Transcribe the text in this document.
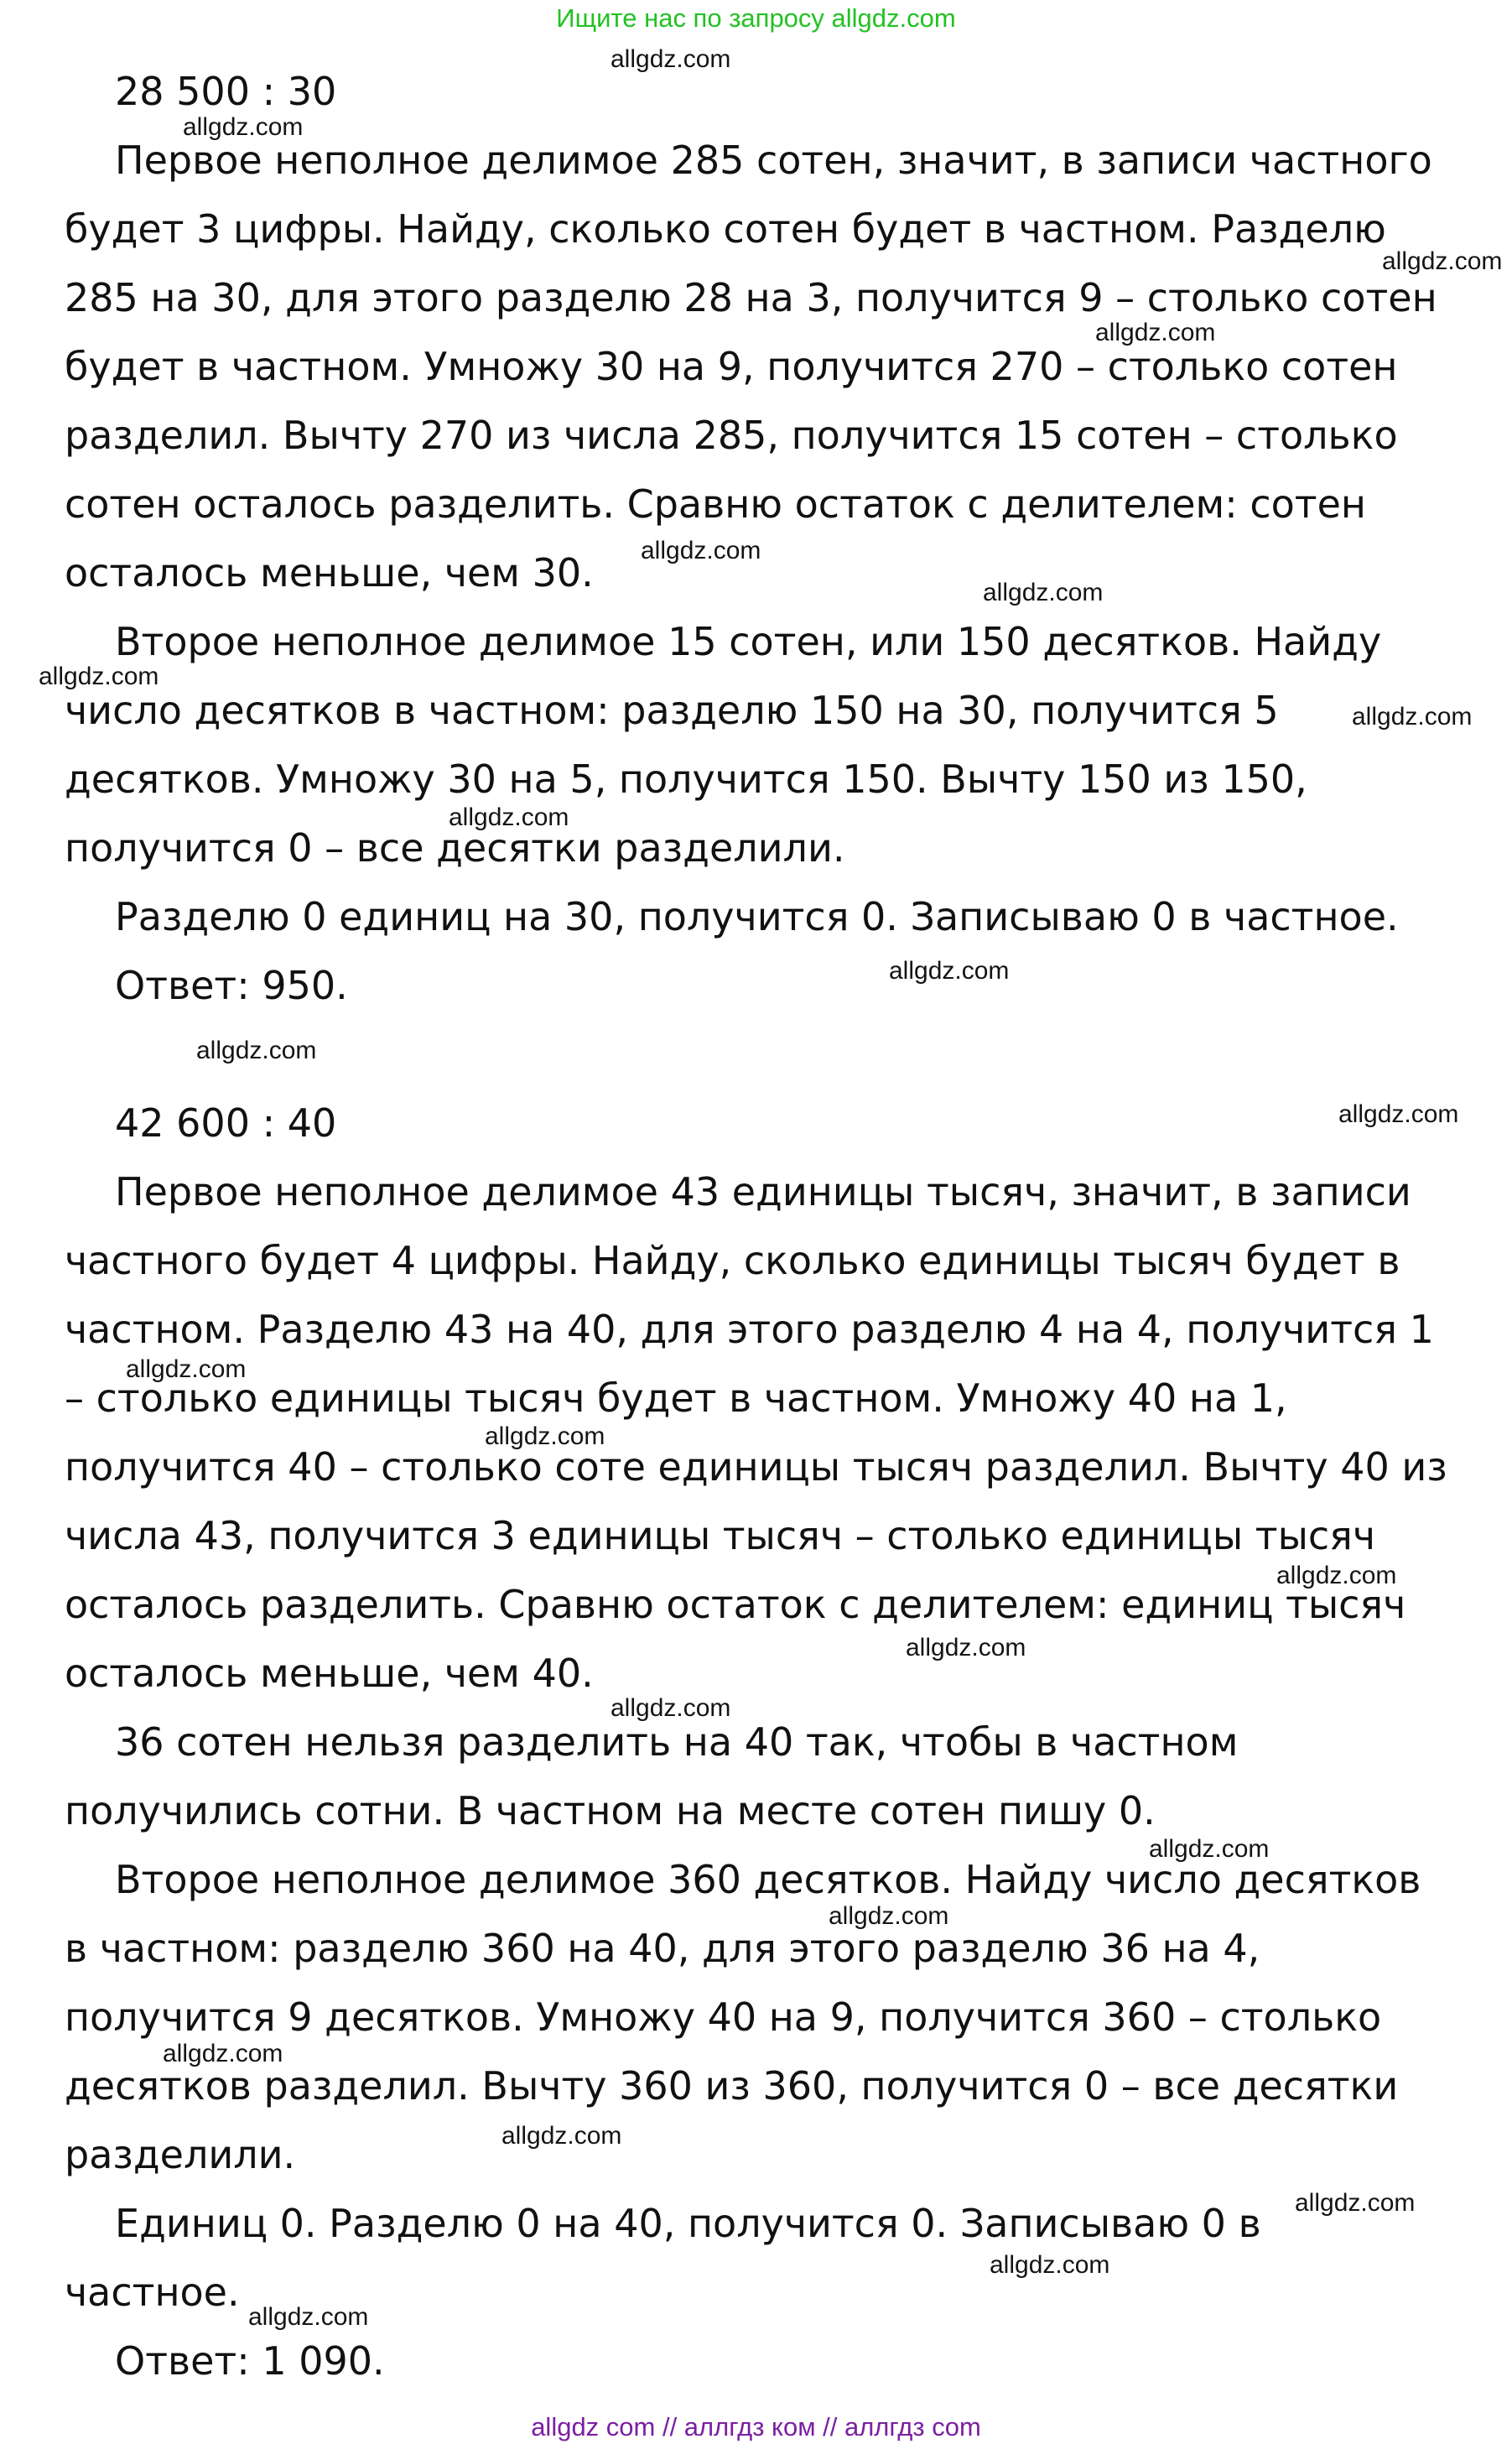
Ищите нас по запросу allgdz.com
28 500 : 30
Первое неполное делимое 285 сотен, значит, в записи частного
будет 3 цифры. Найду, сколько сотен будет в частном. Разделю
285 на 30, для этого разделю 28 на 3, получится 9 – столько сотен
будет в частном. Умножу 30 на 9, получится 270 – столько сотен
разделил. Вычту 270 из числа 285, получится 15 сотен – столько
сотен осталось разделить. Сравню остаток с делителем: сотен
осталось меньше, чем 30.
Второе неполное делимое 15 сотен, или 150 десятков. Найду
число десятков в частном: разделю 150 на 30, получится 5
десятков. Умножу 30 на 5, получится 150. Вычту 150 из 150,
получится 0 – все десятки разделили.
Разделю 0 единиц на 30, получится 0. Записываю 0 в частное.
Ответ: 950.
42 600 : 40
Первое неполное делимое 43 единицы тысяч, значит, в записи
частного будет 4 цифры. Найду, сколько единицы тысяч будет в
частном. Разделю 43 на 40, для этого разделю 4 на 4, получится 1
– столько единицы тысяч будет в частном. Умножу 40 на 1,
получится 40 – столько соте единицы тысяч разделил. Вычту 40 из
числа 43, получится 3 единицы тысяч – столько единицы тысяч
осталось разделить. Сравню остаток с делителем: единиц тысяч
осталось меньше, чем 40.
36 сотен нельзя разделить на 40 так, чтобы в частном
получились сотни. В частном на месте сотен пишу 0.
Второе неполное делимое 360 десятков. Найду число десятков
в частном: разделю 360 на 40, для этого разделю 36 на 4,
получится 9 десятков. Умножу 40 на 9, получится 360 – столько
десятков разделил. Вычту 360 из 360, получится 0 – все десятки
разделили.
Единиц 0. Разделю 0 на 40, получится 0. Записываю 0 в
частное.
Ответ: 1 090.
allgdz.com
allgdz.com
allgdz.com
allgdz.com
allgdz.com
allgdz.com
allgdz.com
allgdz.com
allgdz.com
allgdz.com
allgdz.com
allgdz.com
allgdz.com
allgdz.com
allgdz.com
allgdz.com
allgdz.com
allgdz.com
allgdz.com
allgdz.com
allgdz.com
allgdz.com
allgdz.com
allgdz.com
allgdz com // аллгдз ком // аллгдз com
